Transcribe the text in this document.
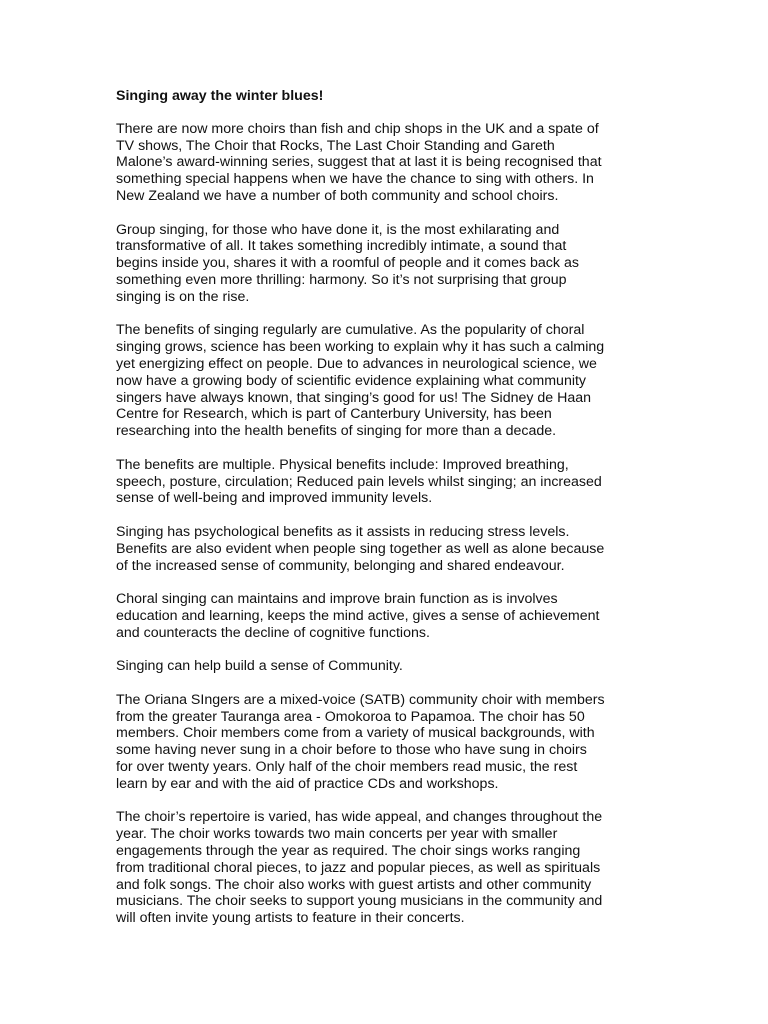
Singing away the winter blues!
There are now more choirs than fish and chip shops in the UK and a spate of
TV shows, The Choir that Rocks, The Last Choir Standing and Gareth
Malone’s award-winning series, suggest that at last it is being recognised that
something special happens when we have the chance to sing with others. In
New Zealand we have a number of both community and school choirs.
Group singing, for those who have done it, is the most exhilarating and
transformative of all. It takes something incredibly intimate, a sound that
begins inside you, shares it with a roomful of people and it comes back as
something even more thrilling: harmony. So it’s not surprising that group
singing is on the rise.
The benefits of singing regularly are cumulative. As the popularity of choral
singing grows, science has been working to explain why it has such a calming
yet energizing effect on people. Due to advances in neurological science, we
now have a growing body of scientific evidence explaining what community
singers have always known, that singing’s good for us! The Sidney de Haan
Centre for Research, which is part of Canterbury University, has been
researching into the health benefits of singing for more than a decade.
The benefits are multiple. Physical benefits include: Improved breathing,
speech, posture, circulation; Reduced pain levels whilst singing; an increased
sense of well-being and improved immunity levels.
Singing has psychological benefits as it assists in reducing stress levels.
Benefits are also evident when people sing together as well as alone because
of the increased sense of community, belonging and shared endeavour.
Choral singing can maintains and improve brain function as is involves
education and learning, keeps the mind active, gives a sense of achievement
and counteracts the decline of cognitive functions.
Singing can help build a sense of Community.
The Oriana SIngers are a mixed-voice (SATB) community choir with members
from the greater Tauranga area - Omokoroa to Papamoa. The choir has 50
members. Choir members come from a variety of musical backgrounds, with
some having never sung in a choir before to those who have sung in choirs
for over twenty years. Only half of the choir members read music, the rest
learn by ear and with the aid of practice CDs and workshops.
The choir’s repertoire is varied, has wide appeal, and changes throughout the
year. The choir works towards two main concerts per year with smaller
engagements through the year as required. The choir sings works ranging
from traditional choral pieces, to jazz and popular pieces, as well as spirituals
and folk songs. The choir also works with guest artists and other community
musicians. The choir seeks to support young musicians in the community and
will often invite young artists to feature in their concerts.
